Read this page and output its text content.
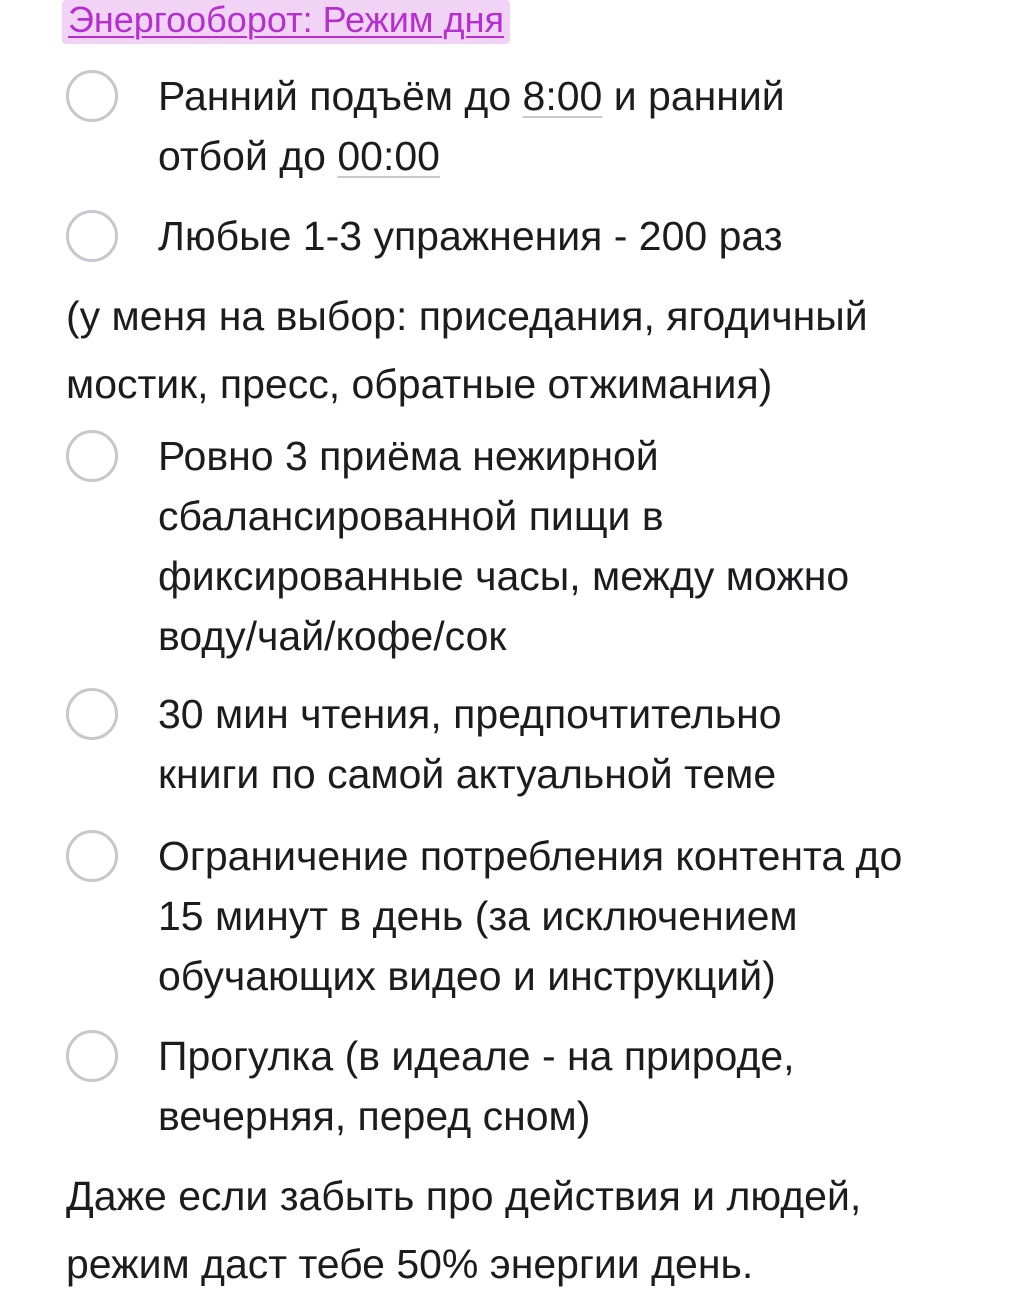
Энергооборот: Режим дня
Ранний подъём до 8:00 и ранний отбой до 00:00
Любые 1-3 упражнения - 200 раз
(у меня на выбор: приседания, ягодичный мостик, пресс, обратные отжимания)
Ровно 3 приёма нежирной сбалансированной пищи в фиксированные часы, между можно воду/чай/кофе/сок
30 мин чтения, предпочтительно книги по самой актуальной теме
Ограничение потребления контента до 15 минут в день (за исключением обучающих видео и инструкций)
Прогулка (в идеале - на природе, вечерняя, перед сном)
Даже если забыть про действия и людей, режим даст тебе 50% энергии день.
